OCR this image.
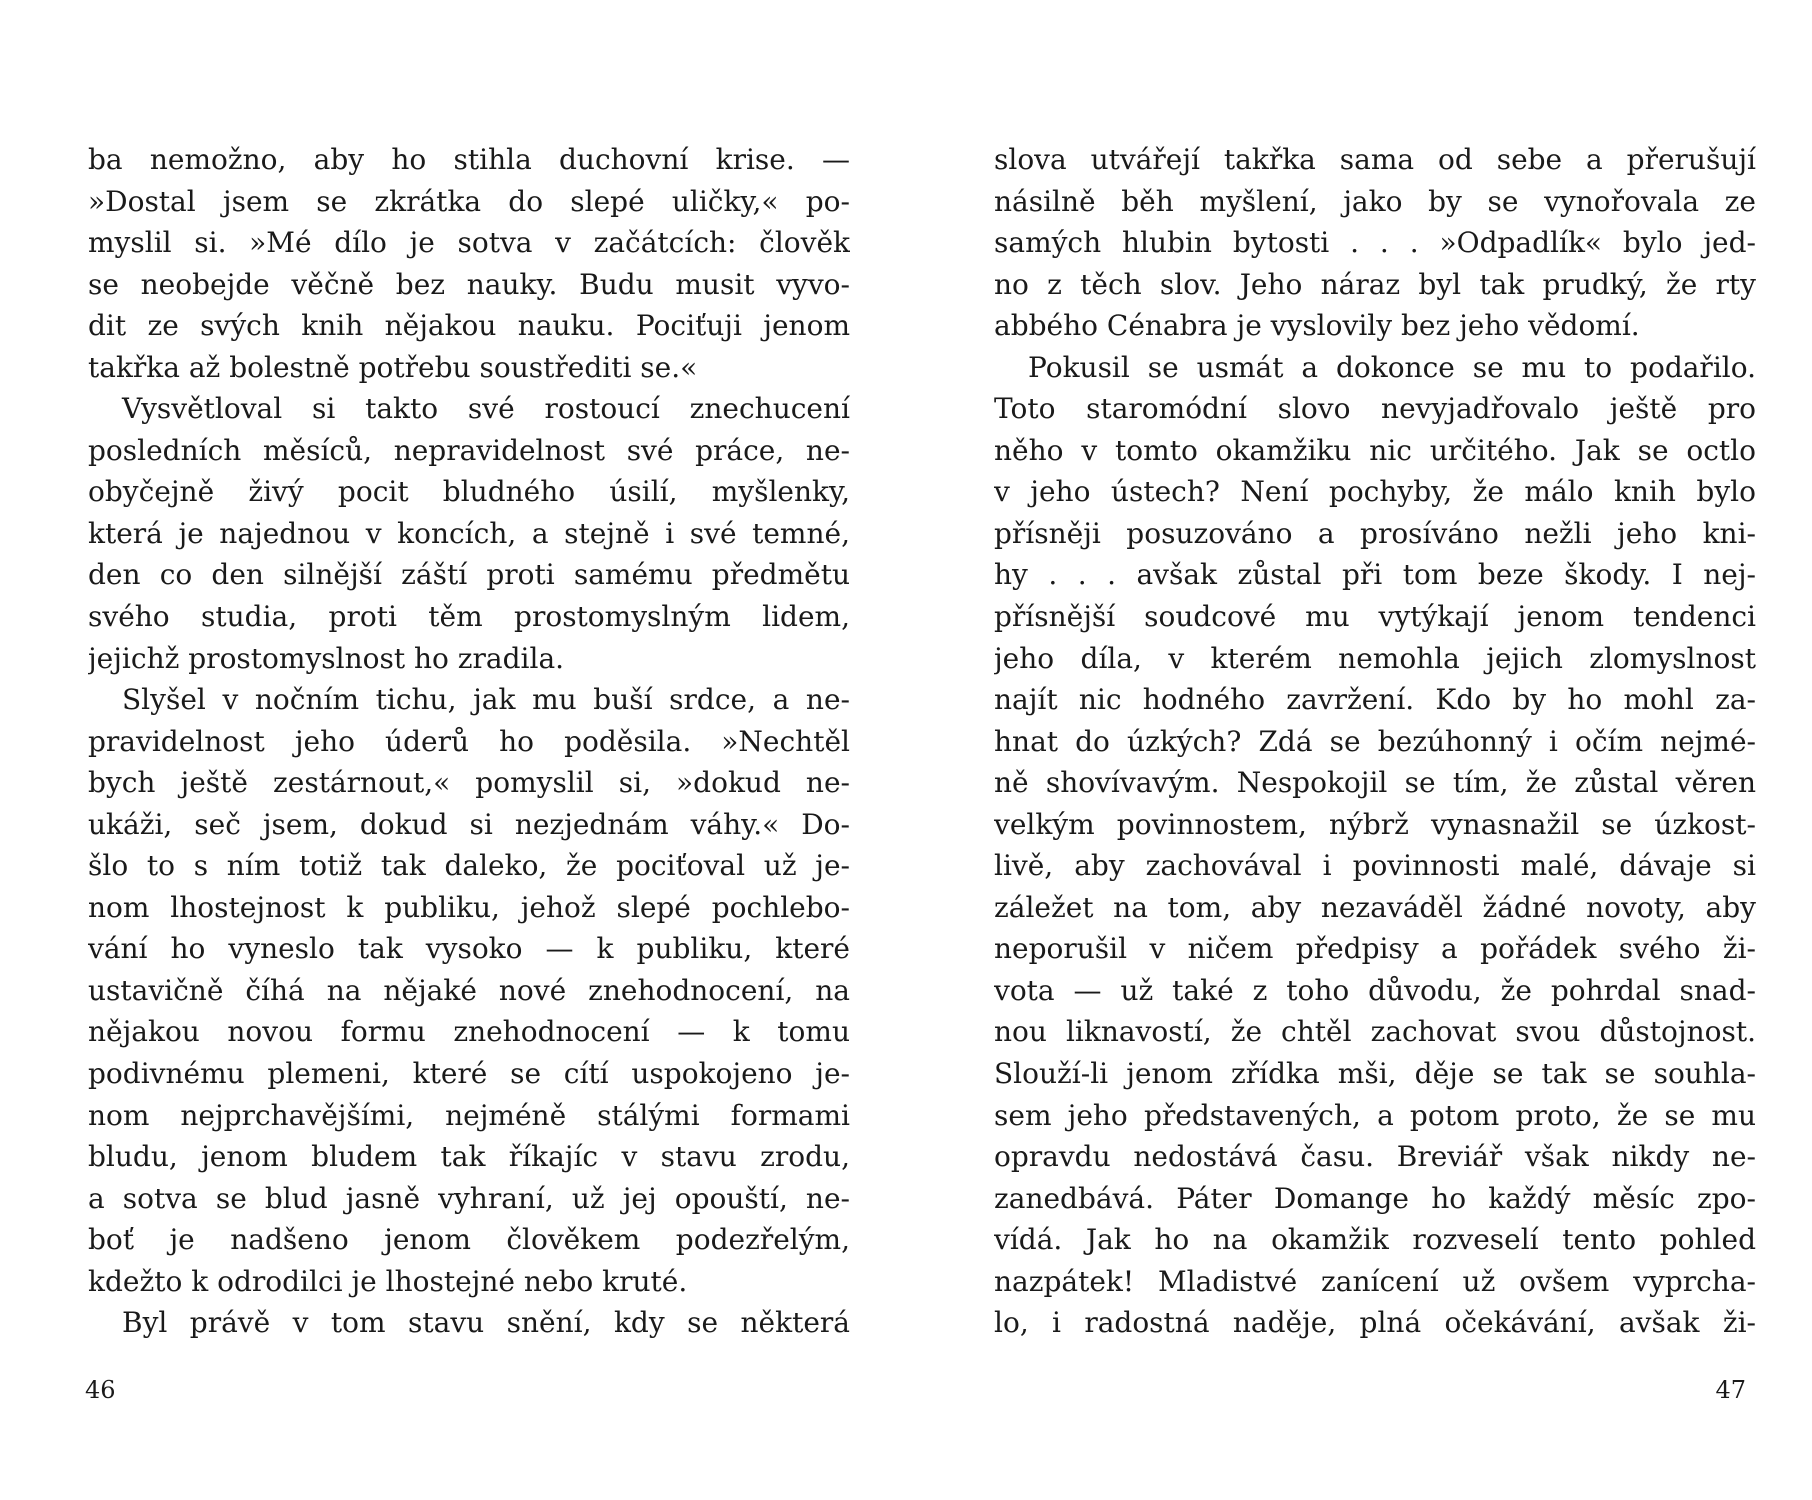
ba nemožno, aby ho stihla duchovní krise. —
»Dostal jsem se zkrátka do slepé uličky,« po-
myslil si. »Mé dílo je sotva v začátcích: člověk
se neobejde věčně bez nauky. Budu musit vyvo-
dit ze svých knih nějakou nauku. Pociťuji jenom
takřka až bolestně potřebu soustřediti se.«
Vysvětloval si takto své rostoucí znechucení
posledních měsíců, nepravidelnost své práce, ne-
obyčejně živý pocit bludného úsilí, myšlenky,
která je najednou v koncích, a stejně i své temné,
den co den silnější záští proti samému předmětu
svého studia, proti těm prostomyslným lidem,
jejichž prostomyslnost ho zradila.
Slyšel v nočním tichu, jak mu buší srdce, a ne-
pravidelnost jeho úderů ho poděsila. »Nechtěl
bych ještě zestárnout,« pomyslil si, »dokud ne-
ukáži, seč jsem, dokud si nezjednám váhy.« Do-
šlo to s ním totiž tak daleko, že pociťoval už je-
nom lhostejnost k publiku, jehož slepé pochlebo-
vání ho vyneslo tak vysoko — k publiku, které
ustavičně číhá na nějaké nové znehodnocení, na
nějakou novou formu znehodnocení — k tomu
podivnému plemeni, které se cítí uspokojeno je-
nom nejprchavějšími, nejméně stálými formami
bludu, jenom bludem tak říkajíc v stavu zrodu,
a sotva se blud jasně vyhraní, už jej opouští, ne-
boť je nadšeno jenom člověkem podezřelým,
kdežto k odrodilci je lhostejné nebo kruté.
Byl právě v tom stavu snění, kdy se některá
46
slova utvářejí takřka sama od sebe a přerušují
násilně běh myšlení, jako by se vynořovala ze
samých hlubin bytosti . . . »Odpadlík« bylo jed-
no z těch slov. Jeho náraz byl tak prudký, že rty
abbého Cénabra je vyslovily bez jeho vědomí.
Pokusil se usmát a dokonce se mu to podařilo.
Toto staromódní slovo nevyjadřovalo ještě pro
něho v tomto okamžiku nic určitého. Jak se octlo
v jeho ústech? Není pochyby, že málo knih bylo
přísněji posuzováno a prosíváno nežli jeho kni-
hy . . . avšak zůstal při tom beze škody. I nej-
přísnější soudcové mu vytýkají jenom tendenci
jeho díla, v kterém nemohla jejich zlomyslnost
najít nic hodného zavržení. Kdo by ho mohl za-
hnat do úzkých? Zdá se bezúhonný i očím nejmé-
ně shovívavým. Nespokojil se tím, že zůstal věren
velkým povinnostem, nýbrž vynasnažil se úzkost-
livě, aby zachovával i povinnosti malé, dávaje si
záležet na tom, aby nezaváděl žádné novoty, aby
neporušil v ničem předpisy a pořádek svého ži-
vota — už také z toho důvodu, že pohrdal snad-
nou liknavostí, že chtěl zachovat svou důstojnost.
Slouží-li jenom zřídka mši, děje se tak se souhla-
sem jeho představených, a potom proto, že se mu
opravdu nedostává času. Breviář však nikdy ne-
zanedbává. Páter Domange ho každý měsíc zpo-
vídá. Jak ho na okamžik rozveselí tento pohled
nazpátek! Mladistvé zanícení už ovšem vyprcha-
lo, i radostná naděje, plná očekávání, avšak ži-
47
